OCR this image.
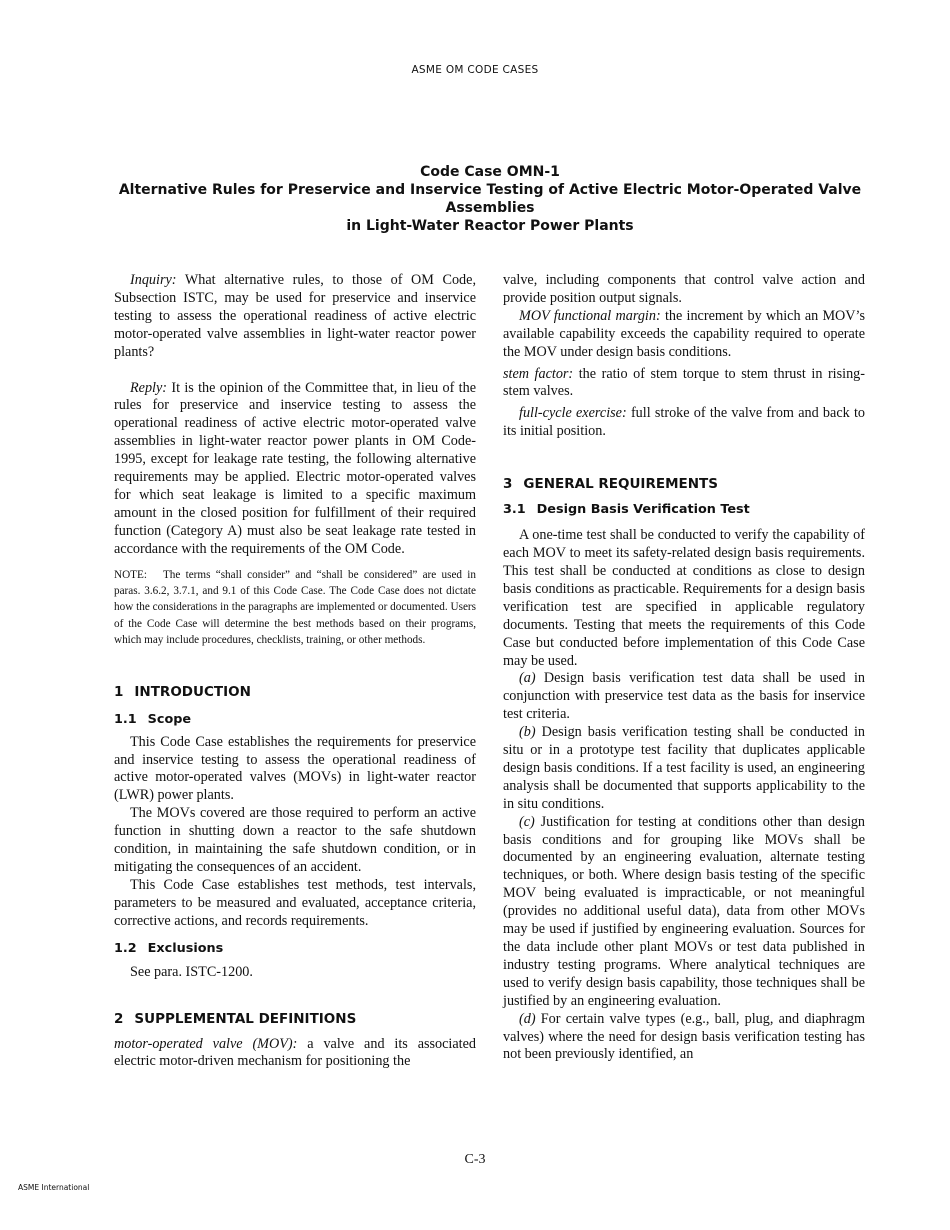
ASME OM CODE CASES
Code Case OMN-1
Alternative Rules for Preservice and Inservice Testing of Active Electric Motor-Operated Valve Assemblies
in Light-Water Reactor Power Plants

Inquiry: What alternative rules, to those of OM Code, Subsection ISTC, may be used for preservice and inservice testing to assess the operational readiness of active electric motor-operated valve assemblies in light-water reactor power plants?

Reply: It is the opinion of the Committee that, in lieu of the rules for preservice and inservice testing to assess the operational readiness of active electric motor-operated valve assemblies in light-water reactor power plants in OM Code-1995, except for leakage rate testing, the following alternative requirements may be applied. Electric motor-operated valves for which seat leakage is limited to a specific maximum amount in the closed position for fulfillment of their required function (Category A) must also be seat leakage rate tested in accordance with the requirements of the OM Code.

NOTE: The terms “shall consider” and “shall be considered” are used in paras. 3.6.2, 3.7.1, and 9.1 of this Code Case. The Code Case does not dictate how the considerations in the paragraphs are implemented or documented. Users of the Code Case will determine the best methods based on their programs, which may include procedures, checklists, training, or other methods.

1 INTRODUCTION
1.1 Scope

This Code Case establishes the requirements for preservice and inservice testing to assess the operational readiness of active motor-operated valves (MOVs) in light-water reactor (LWR) power plants.

The MOVs covered are those required to perform an active function in shutting down a reactor to the safe shutdown condition, in maintaining the safe shutdown condition, or in mitigating the consequences of an accident.

This Code Case establishes test methods, test intervals, parameters to be measured and evaluated, acceptance criteria, corrective actions, and records requirements.

1.2 Exclusions

See para. ISTC-1200.

2 SUPPLEMENTAL DEFINITIONS

motor-operated valve (MOV): a valve and its associated electric motor-driven mechanism for positioning the

valve, including components that control valve action and provide position output signals.

MOV functional margin: the increment by which an MOV’s available capability exceeds the capability required to operate the MOV under design basis conditions.

stem factor: the ratio of stem torque to stem thrust in rising-stem valves.

full-cycle exercise: full stroke of the valve from and back to its initial position.

3 GENERAL REQUIREMENTS
3.1 Design Basis Verification Test

A one-time test shall be conducted to verify the capability of each MOV to meet its safety-related design basis requirements. This test shall be conducted at conditions as close to design basis conditions as practicable. Requirements for a design basis verification test are specified in applicable regulatory documents. Testing that meets the requirements of this Code Case but conducted before implementation of this Code Case may be used.

(a) Design basis verification test data shall be used in conjunction with preservice test data as the basis for inservice test criteria.

(b) Design basis verification testing shall be conducted in situ or in a prototype test facility that duplicates applicable design basis conditions. If a test facility is used, an engineering analysis shall be documented that supports applicability to the in situ conditions.

(c) Justification for testing at conditions other than design basis conditions and for grouping like MOVs shall be documented by an engineering evaluation, alternate testing techniques, or both. Where design basis testing of the specific MOV being evaluated is impracticable, or not meaningful (provides no additional useful data), data from other MOVs may be used if justified by engineering evaluation. Sources for the data include other plant MOVs or test data published in industry testing programs. Where analytical techniques are used to verify design basis capability, those techniques shall be justified by an engineering evaluation.

(d) For certain valve types (e.g., ball, plug, and diaphragm valves) where the need for design basis verification testing has not been previously identified, an

C-3
ASME International
